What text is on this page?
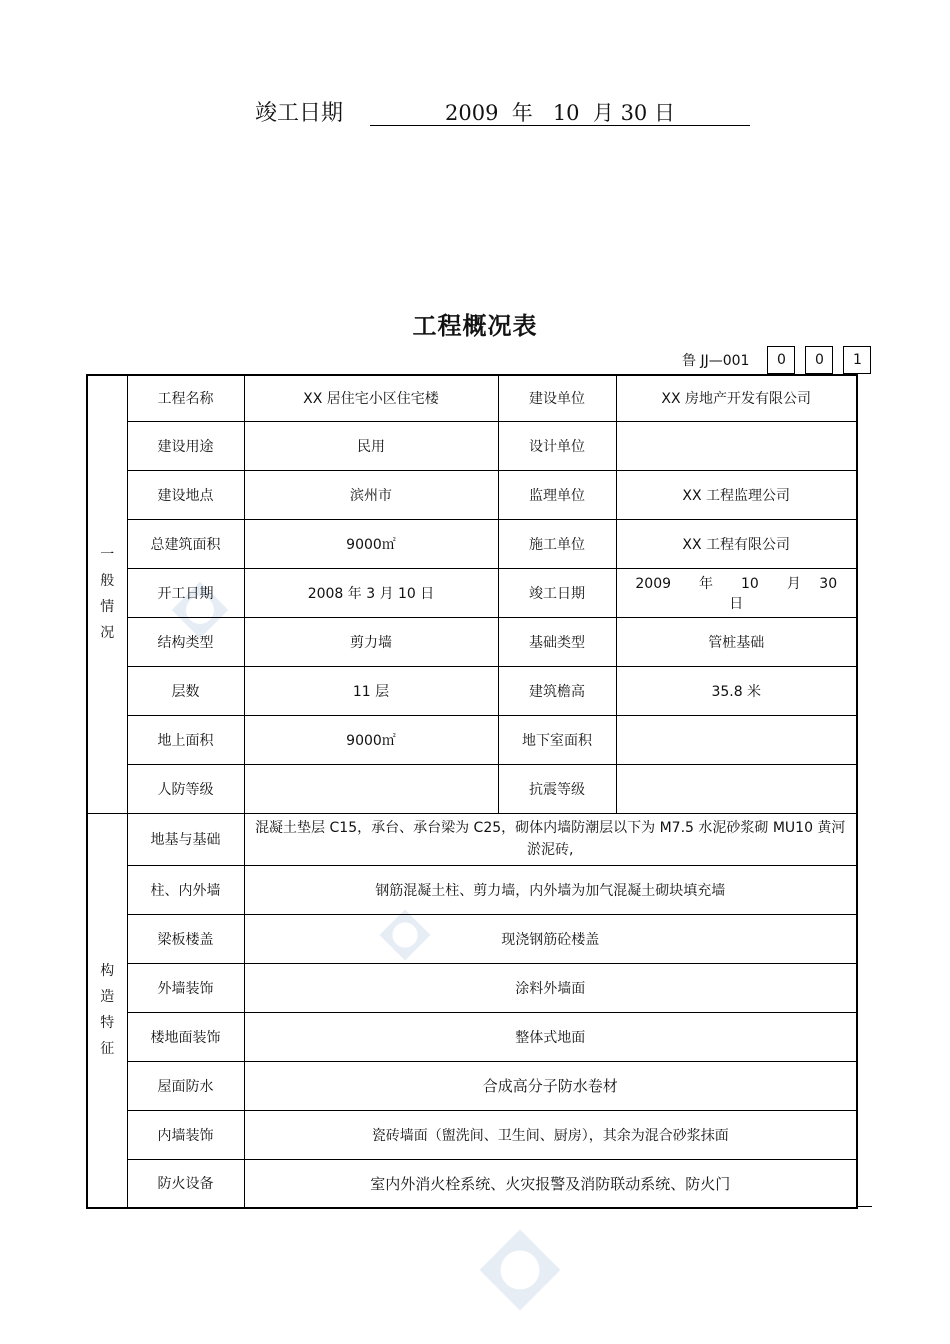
竣工日期	2009  年   10  月 30 日
工程概况表
鲁 JJ—001	0	0	1
一
般
情
况	工程名称	XX 居住宅小区住宅楼	建设单位	XX 房地产开发有限公司
	建设用途	民用	设计单位	
	建设地点	滨州市	监理单位	XX 工程监理公司
	总建筑面积	9000㎡	施工单位	XX 工程有限公司
	开工日期	2008 年 3 月 10 日	竣工日期	2009　　年　　10　　月　 30　　日
	结构类型	剪力墙	基础类型	管桩基础
	层数	11 层	建筑檐高	35.8 米
	地上面积	9000㎡	地下室面积	
	人防等级		抗震等级	

构
造
特
征	地基与基础	混凝土垫层 C15，承台、承台梁为 C25，砌体内墙防潮层以下为 M7.5 水泥砂浆砌 MU10 黄河淤泥砖,		
	柱、内外墙	钢筋混凝土柱、剪力墙，内外墙为加气混凝土砌块填充墙		
	梁板楼盖	现浇钢筋砼楼盖		
	外墙装饰	涂料外墙面		
	楼地面装饰	整体式地面		
	屋面防水	合成高分子防水卷材		
	内墙装饰	瓷砖墙面（盥洗间、卫生间、厨房），其余为混合砂浆抹面		
	防火设备	室内外消火栓系统、火灾报警及消防联动系统、防火门		
